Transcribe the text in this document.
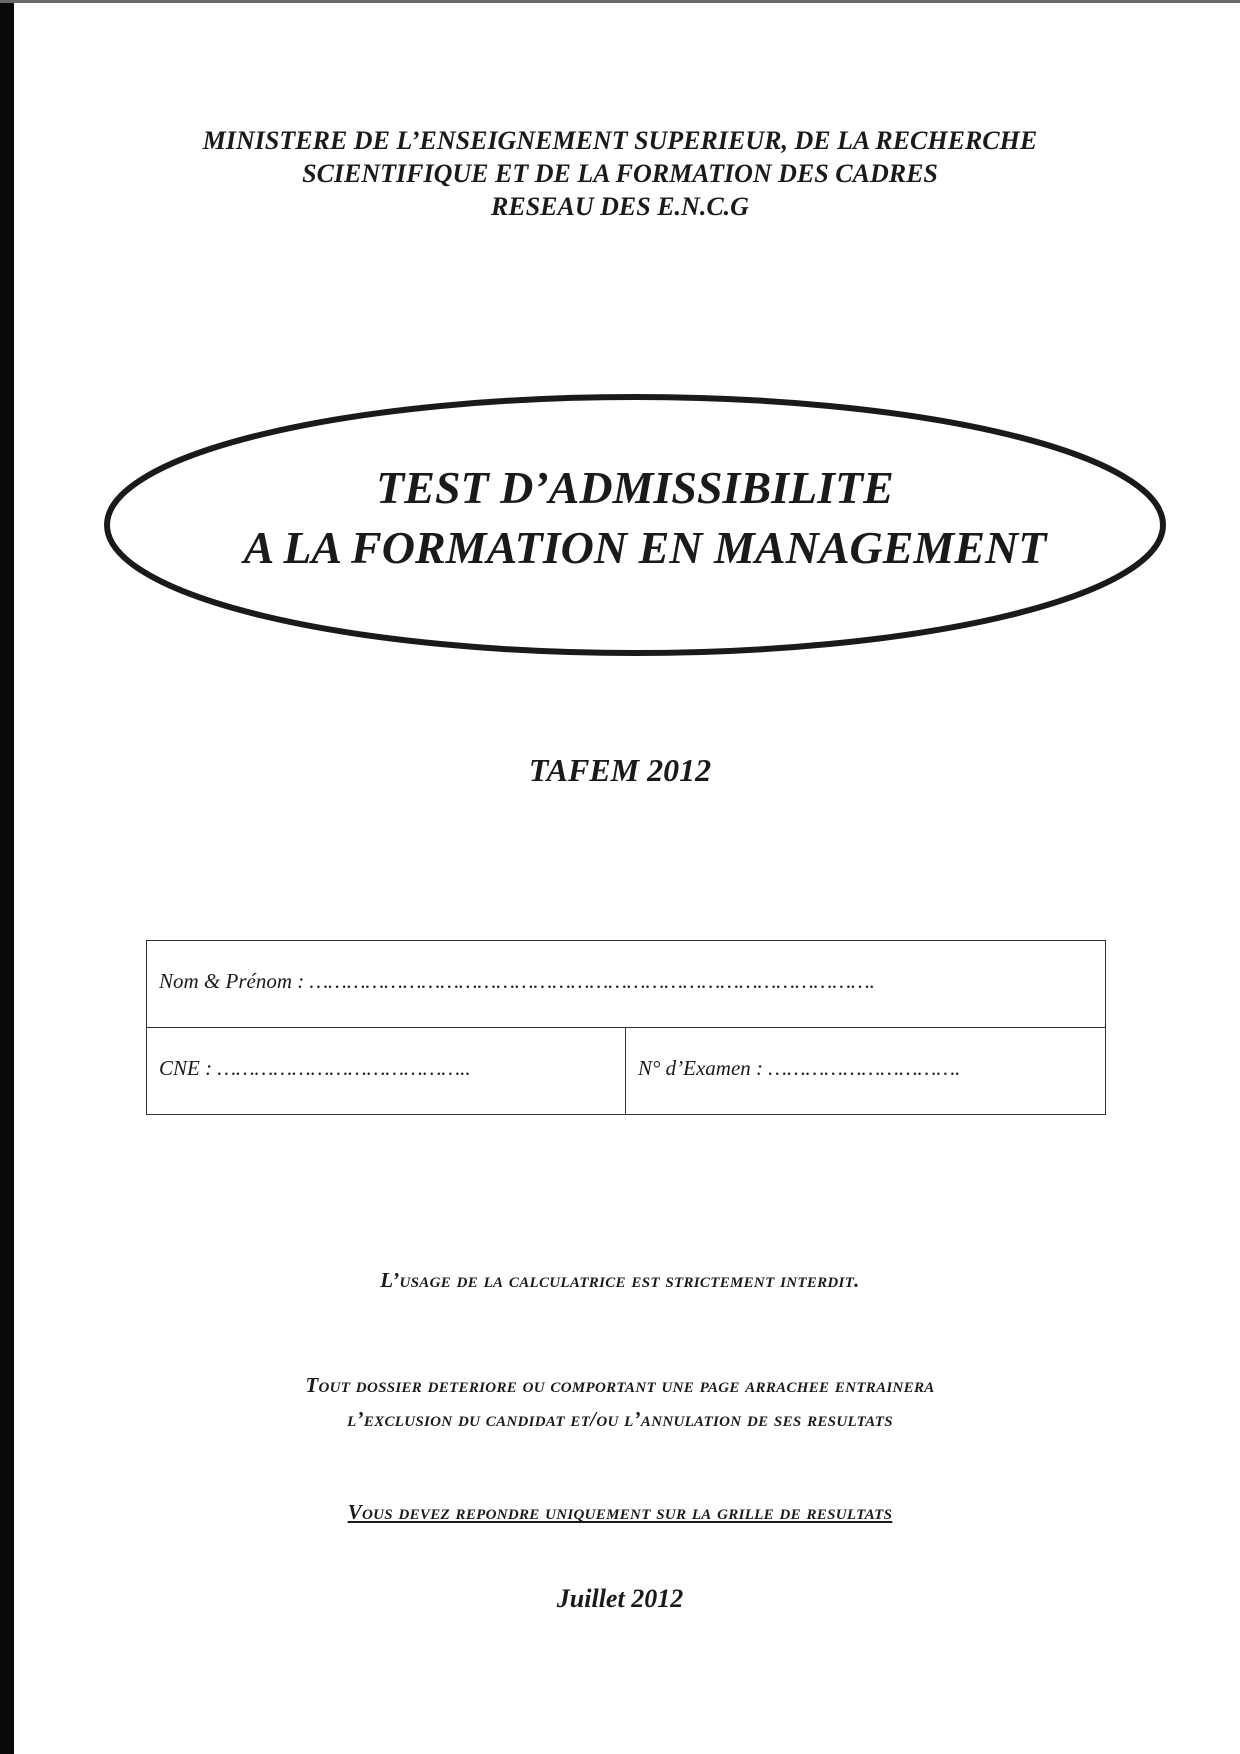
MINISTERE DE L’ENSEIGNEMENT SUPERIEUR, DE LA RECHERCHE
SCIENTIFIQUE ET DE LA FORMATION DES CADRES
RESEAU DES E.N.C.G
TEST D’ADMISSIBILITE
A LA FORMATION EN MANAGEMENT
TAFEM 2012
Nom & Prénom : ……………………………………………………………………………….
CNE : …………………………………..	N° d’Examen : ………………………….
L’usage de la calculatrice est strictement interdit.
Tout dossier deteriore ou comportant une page arrachee entrainera
l’exclusion du candidat et/ou l’annulation de ses resultats
Vous devez repondre uniquement sur la grille de resultats
Juillet 2012
